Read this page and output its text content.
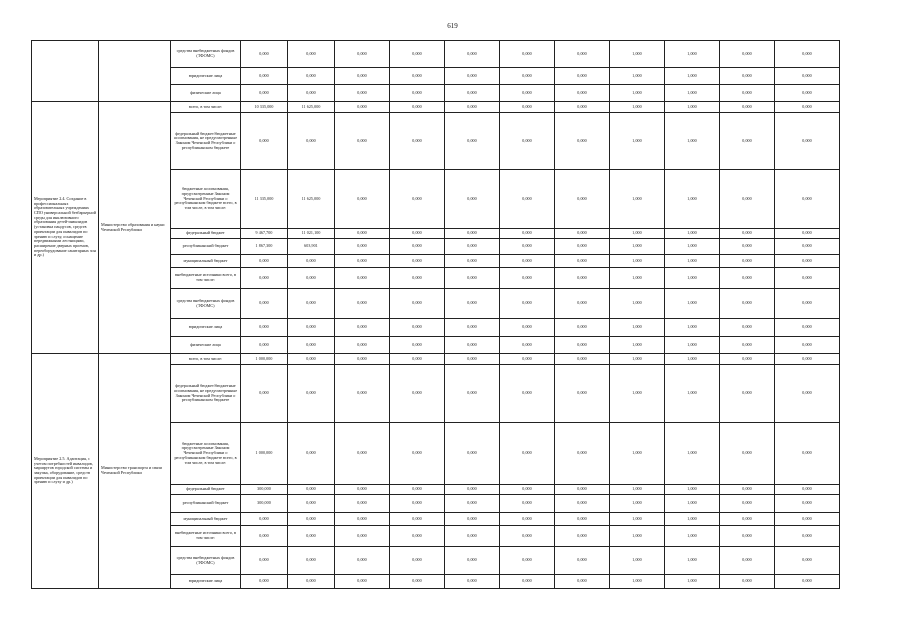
619
		средства внебюджетных фондов (ТФОМС)	0,000	0,000	0,000	0,000	0,000	0,000	0,000	1,000	1,000	0,000	0,000
		юридические лица	0,000	0,000	0,000	0,000	0,000	0,000	0,000	1,000	1,000	0,000	0,000
		физические лица	0,000	0,000	0,000	0,000	0,000	0,000	0,000	1,000	1,000	0,000	0,000
Мероприятие 2.4. Создание в профессиональных образовательных учреждениях СПО универсальной безбарьерной среды для инклюзивного образования детей-инвалидов (установка пандусов, средств ориентации для инвалидов по зрению и слуху, оснащение передвижными лестницами, расширение дверных проемов, переоборудование санитарных зон и др.)	Министерство образования и науки Чеченской Республики	всего, в том числе:	10 335,000	11 625,000	0,000	0,000	0,000	0,000	0,000	1,000	1,000	0,000	0,000
		федеральный бюджет/бюджетные ассигнования, не предусмотренные Законом Чеченской Республики о республиканском бюджете	0,000	0,000	0,000	0,000	0,000	0,000	0,000	1,000	1,000	0,000	0,000
		бюджетные ассигнования, предусмотренные Законом Чеченской Республики о республиканском бюджете всего, в том числе, в том числе:	11 335,000	11 625,000	0,000	0,000	0,000	0,000	0,000	1,000	1,000	0,000	0,000
		федеральный бюджет	9 467,700	11 021,100	0,000	0,000	0,000	0,000	0,000	1,000	1,000	0,000	0,000
		республиканский бюджет	1 867,300	603,901	0,000	0,000	0,000	0,000	0,000	1,000	1,000	0,000	0,000
		муниципальный бюджет	0,000	0,000	0,000	0,000	0,000	0,000	0,000	1,000	1,000	0,000	0,000
		внебюджетные источники всего, в том числе:	0,000	0,000	0,000	0,000	0,000	0,000	0,000	1,000	1,000	0,000	0,000
		средства внебюджетных фондов (ТФОМС)	0,000	0,000	0,000	0,000	0,000	0,000	0,000	1,000	1,000	0,000	0,000
		юридические лица	0,000	0,000	0,000	0,000	0,000	0,000	0,000	1,000	1,000	0,000	0,000
		физические лица	0,000	0,000	0,000	0,000	0,000	0,000	0,000	1,000	1,000	0,000	0,000
Мероприятие 2.5. Адаптация, с учетом потребностей инвалидов, маршрутов городской системы и закупка, оборудование, средств ориентации для инвалидов по зрению и слуху и др.)	Министерство транспорта и связи Чеченской Республики	всего, в том числе:	1 000,000	0,000	0,000	0,000	0,000	0,000	0,000	1,000	1,000	0,000	0,000
		федеральный бюджет/бюджетные ассигнования, не предусмотренные Законом Чеченской Республики о республиканском бюджете	0,000	0,000	0,000	0,000	0,000	0,000	0,000	1,000	1,000	0,000	0,000
		бюджетные ассигнования, предусмотренные Законом Чеченской Республики о республиканском бюджете всего, в том числе, в том числе:	1 000,000	0,000	0,000	0,000	0,000	0,000	0,000	1,000	1,000	0,000	0,000
		федеральный бюджет	300,000	0,000	0,000	0,000	0,000	0,000	0,000	1,000	1,000	0,000	0,000
		республиканский бюджет	300,000	0,000	0,000	0,000	0,000	0,000	0,000	1,000	1,000	0,000	0,000
		муниципальный бюджет	0,000	0,000	0,000	0,000	0,000	0,000	0,000	1,000	1,000	0,000	0,000
		внебюджетные источники всего, в том числе:	0,000	0,000	0,000	0,000	0,000	0,000	0,000	1,000	1,000	0,000	0,000
		средства внебюджетных фондов (ТФОМС)	0,000	0,000	0,000	0,000	0,000	0,000	0,000	1,000	1,000	0,000	0,000
		юридические лица	0,000	0,000	0,000	0,000	0,000	0,000	0,000	1,000	1,000	0,000	0,000
